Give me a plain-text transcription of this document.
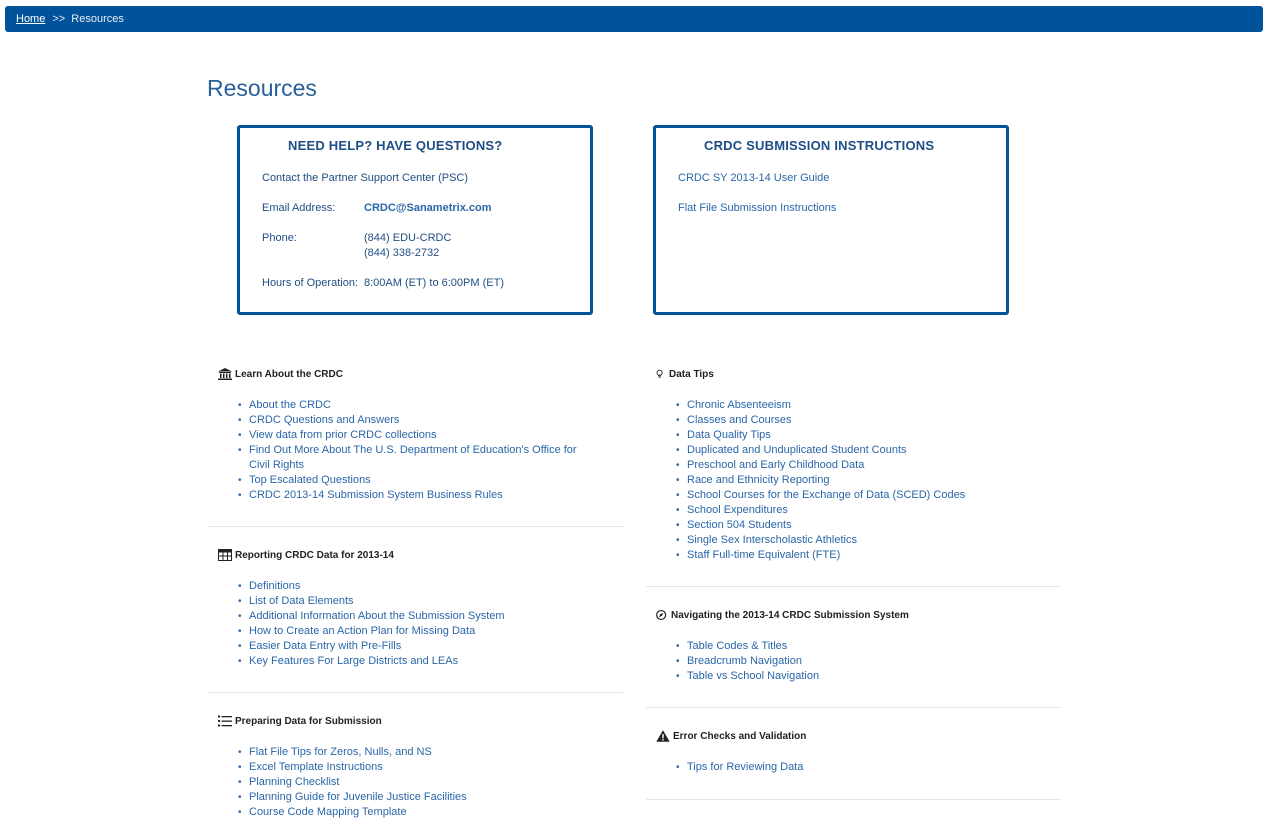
Home >> Resources
Resources
NEED HELP? HAVE QUESTIONS?
Contact the Partner Support Center (PSC)
Email Address:	CRDC@Sanametrix.com
Phone:	(844) EDU-CRDC
(844) 338-2732
Hours of Operation: 8:00AM (ET) to 6:00PM (ET)
CRDC SUBMISSION INSTRUCTIONS
CRDC SY 2013-14 User Guide
Flat File Submission Instructions
Learn About the CRDC
• About the CRDC
• CRDC Questions and Answers
• View data from prior CRDC collections
• Find Out More About The U.S. Department of Education's Office for Civil Rights
• Top Escalated Questions
• CRDC 2013-14 Submission System Business Rules
Reporting CRDC Data for 2013-14
• Definitions
• List of Data Elements
• Additional Information About the Submission System
• How to Create an Action Plan for Missing Data
• Easier Data Entry with Pre-Fills
• Key Features For Large Districts and LEAs
Preparing Data for Submission
• Flat File Tips for Zeros, Nulls, and NS
• Excel Template Instructions
• Planning Checklist
• Planning Guide for Juvenile Justice Facilities
• Course Code Mapping Template
Data Tips
• Chronic Absenteeism
• Classes and Courses
• Data Quality Tips
• Duplicated and Unduplicated Student Counts
• Preschool and Early Childhood Data
• Race and Ethnicity Reporting
• School Courses for the Exchange of Data (SCED) Codes
• School Expenditures
• Section 504 Students
• Single Sex Interscholastic Athletics
• Staff Full-time Equivalent (FTE)
Navigating the 2013-14 CRDC Submission System
• Table Codes & Titles
• Breadcrumb Navigation
• Table vs School Navigation
Error Checks and Validation
• Tips for Reviewing Data
